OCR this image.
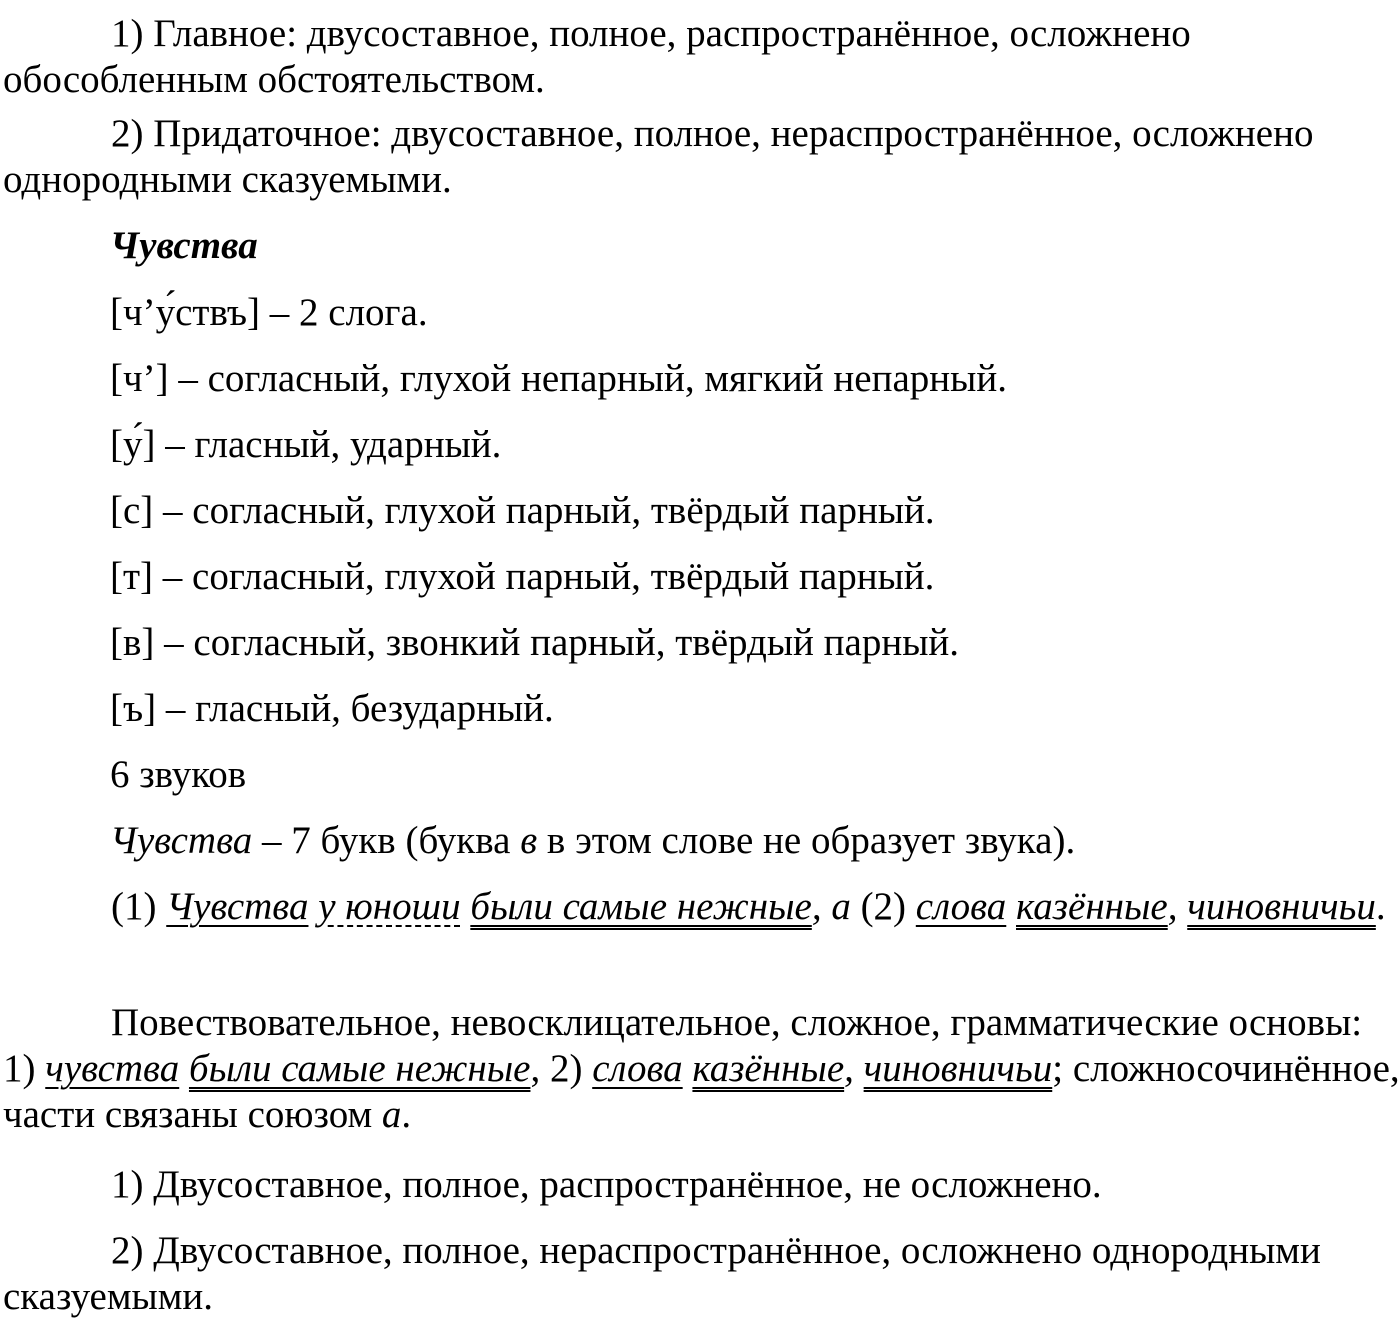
1) Главное: двусоставное, полное, распространённое, осложнено обособленным обстоятельством.
2) Придаточное: двусоставное, полное, нераспространённое, осложнено однородными сказуемыми.
Чувства
[ч’у́ствъ] – 2 слога.
[ч’] – согласный, глухой непарный, мягкий непарный.
[у́] – гласный, ударный.
[с] – согласный, глухой парный, твёрдый парный.
[т] – согласный, глухой парный, твёрдый парный.
[в] – согласный, звонкий парный, твёрдый парный.
[ъ] – гласный, безударный.
6 звуков
Чувства – 7 букв (буква в в этом слове не образует звука).
(1) Чувства у юноши были самые нежные, а (2) слова казённые, чиновничьи.
Повествовательное, невосклицательное, сложное, грамматические основы: 1) чувства были самые нежные, 2) слова казённые, чиновничьи; сложносочинённое, части связаны союзом а.
1) Двусоставное, полное, распространённое, не осложнено.
2) Двусоставное, полное, нераспространённое, осложнено однородными сказуемыми.
